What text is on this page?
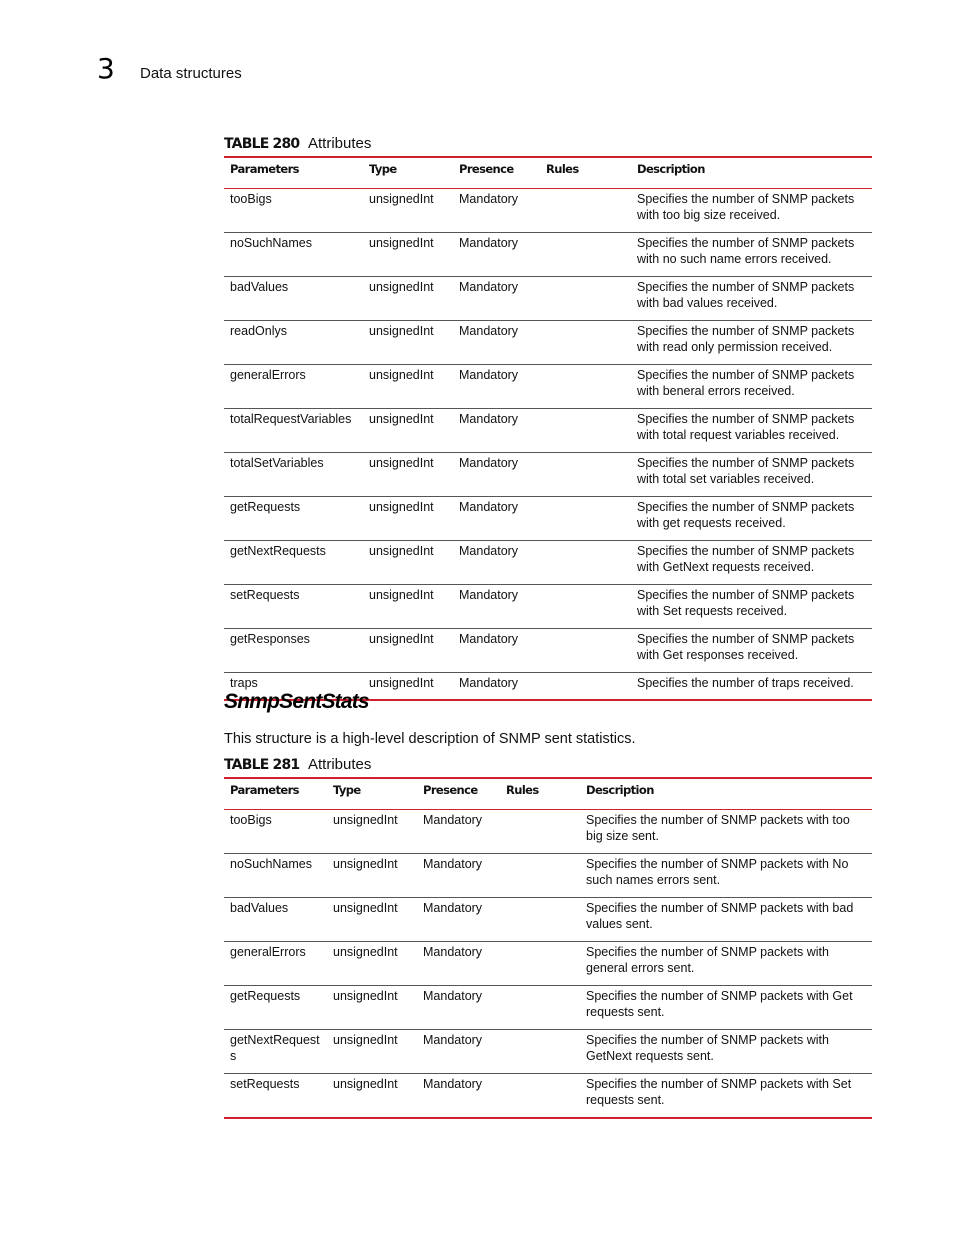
3 Data structures
TABLE 280 Attributes
Parameters	Type	Presence	Rules	Description
tooBigs	unsignedInt	Mandatory		Specifies the number of SNMP packets with too big size received.
noSuchNames	unsignedInt	Mandatory		Specifies the number of SNMP packets with no such name errors received.
badValues	unsignedInt	Mandatory		Specifies the number of SNMP packets with bad values received.
readOnlys	unsignedInt	Mandatory		Specifies the number of SNMP packets with read only permission received.
generalErrors	unsignedInt	Mandatory		Specifies the number of SNMP packets with beneral errors received.
totalRequestVariables	unsignedInt	Mandatory		Specifies the number of SNMP packets with total request variables received.
totalSetVariables	unsignedInt	Mandatory		Specifies the number of SNMP packets with total set variables received.
getRequests	unsignedInt	Mandatory		Specifies the number of SNMP packets with get requests received.
getNextRequests	unsignedInt	Mandatory		Specifies the number of SNMP packets with GetNext requests received.
setRequests	unsignedInt	Mandatory		Specifies the number of SNMP packets with Set requests received.
getResponses	unsignedInt	Mandatory		Specifies the number of SNMP packets with Get responses received.
traps	unsignedInt	Mandatory		Specifies the number of traps received.
SnmpSentStats
This structure is a high-level description of SNMP sent statistics.
TABLE 281 Attributes
Parameters	Type	Presence	Rules	Description
tooBigs	unsignedInt	Mandatory		Specifies the number of SNMP packets with too big size sent.
noSuchNames	unsignedInt	Mandatory		Specifies the number of SNMP packets with No such names errors sent.
badValues	unsignedInt	Mandatory		Specifies the number of SNMP packets with bad values sent.
generalErrors	unsignedInt	Mandatory		Specifies the number of SNMP packets with general errors sent.
getRequests	unsignedInt	Mandatory		Specifies the number of SNMP packets with Get requests sent.
getNextRequests	unsignedInt	Mandatory		Specifies the number of SNMP packets with GetNext requests sent.
setRequests	unsignedInt	Mandatory		Specifies the number of SNMP packets with Set requests sent.
